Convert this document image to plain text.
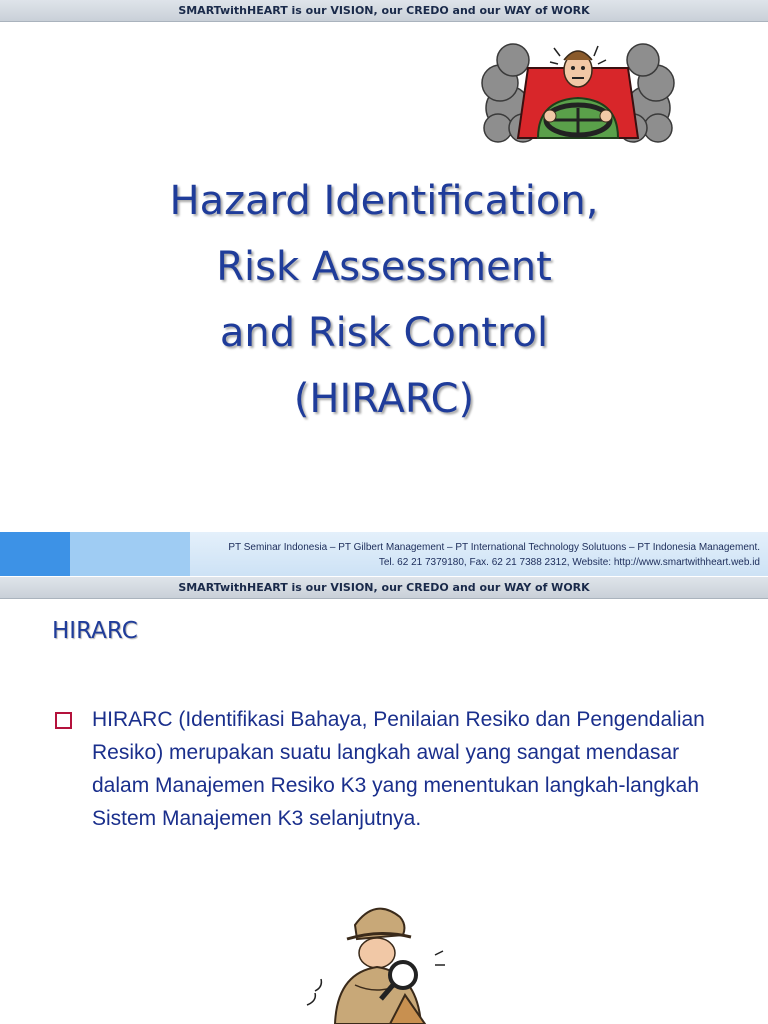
SMARTwithHEART is our VISION, our CREDO and our WAY of WORK
Hazard Identification,
Risk Assessment
and Risk Control
(HIRARC)
PT Seminar Indonesia – PT Gilbert Management – PT International Technology Solutuons – PT Indonesia Management.
Tel. 62 21 7379180, Fax. 62 21 7388 2312, Website: http://www.smartwithheart.web.id
SMARTwithHEART is our VISION, our CREDO and our WAY of WORK
HIRARC
HIRARC (Identifikasi Bahaya, Penilaian Resiko dan Pengendalian Resiko) merupakan suatu langkah awal yang sangat mendasar dalam Manajemen Resiko K3 yang menentukan langkah-langkah Sistem Manajemen K3 selanjutnya.
